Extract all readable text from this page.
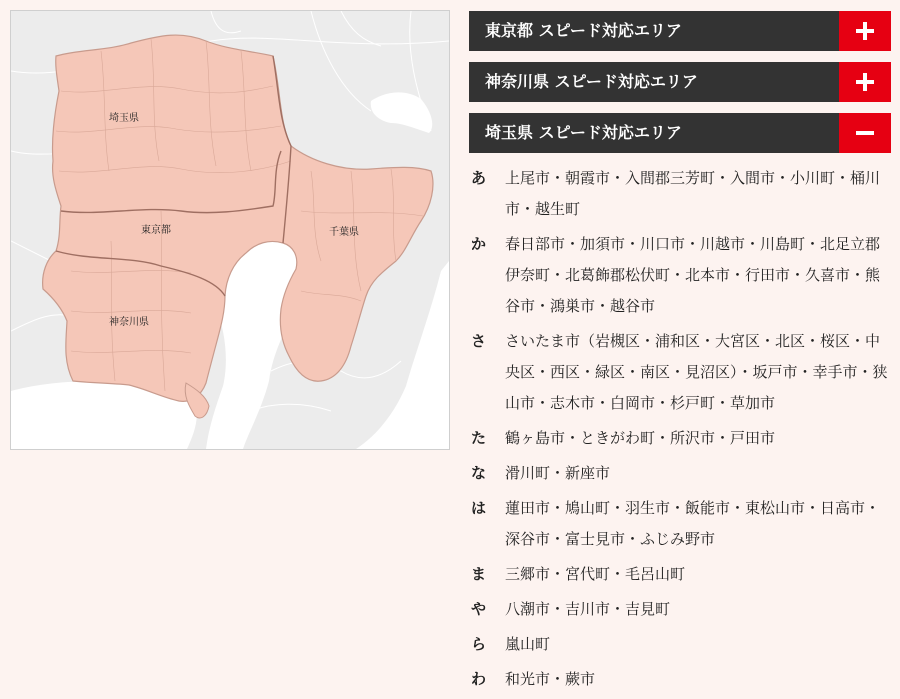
埼玉県
東京都	千葉県
神奈川県
東京都 スピード対応エリア
神奈川県 スピード対応エリア
埼玉県 スピード対応エリア
あ	上尾市・朝霞市・入間郡三芳町・入間市・小川町・桶川市・越生町
か	春日部市・加須市・川口市・川越市・川島町・北足立郡伊奈町・北葛飾郡松伏町・北本市・行田市・久喜市・熊谷市・鴻巣市・越谷市
さ	さいたま市（岩槻区・浦和区・大宮区・北区・桜区・中央区・西区・緑区・南区・見沼区）・坂戸市・幸手市・狭山市・志木市・白岡市・杉戸町・草加市
た	鶴ヶ島市・ときがわ町・所沢市・戸田市
な	滑川町・新座市
は	蓮田市・鳩山町・羽生市・飯能市・東松山市・日高市・深谷市・富士見市・ふじみ野市
ま	三郷市・宮代町・毛呂山町
や	八潮市・吉川市・吉見町
ら	嵐山町
わ	和光市・蕨市
